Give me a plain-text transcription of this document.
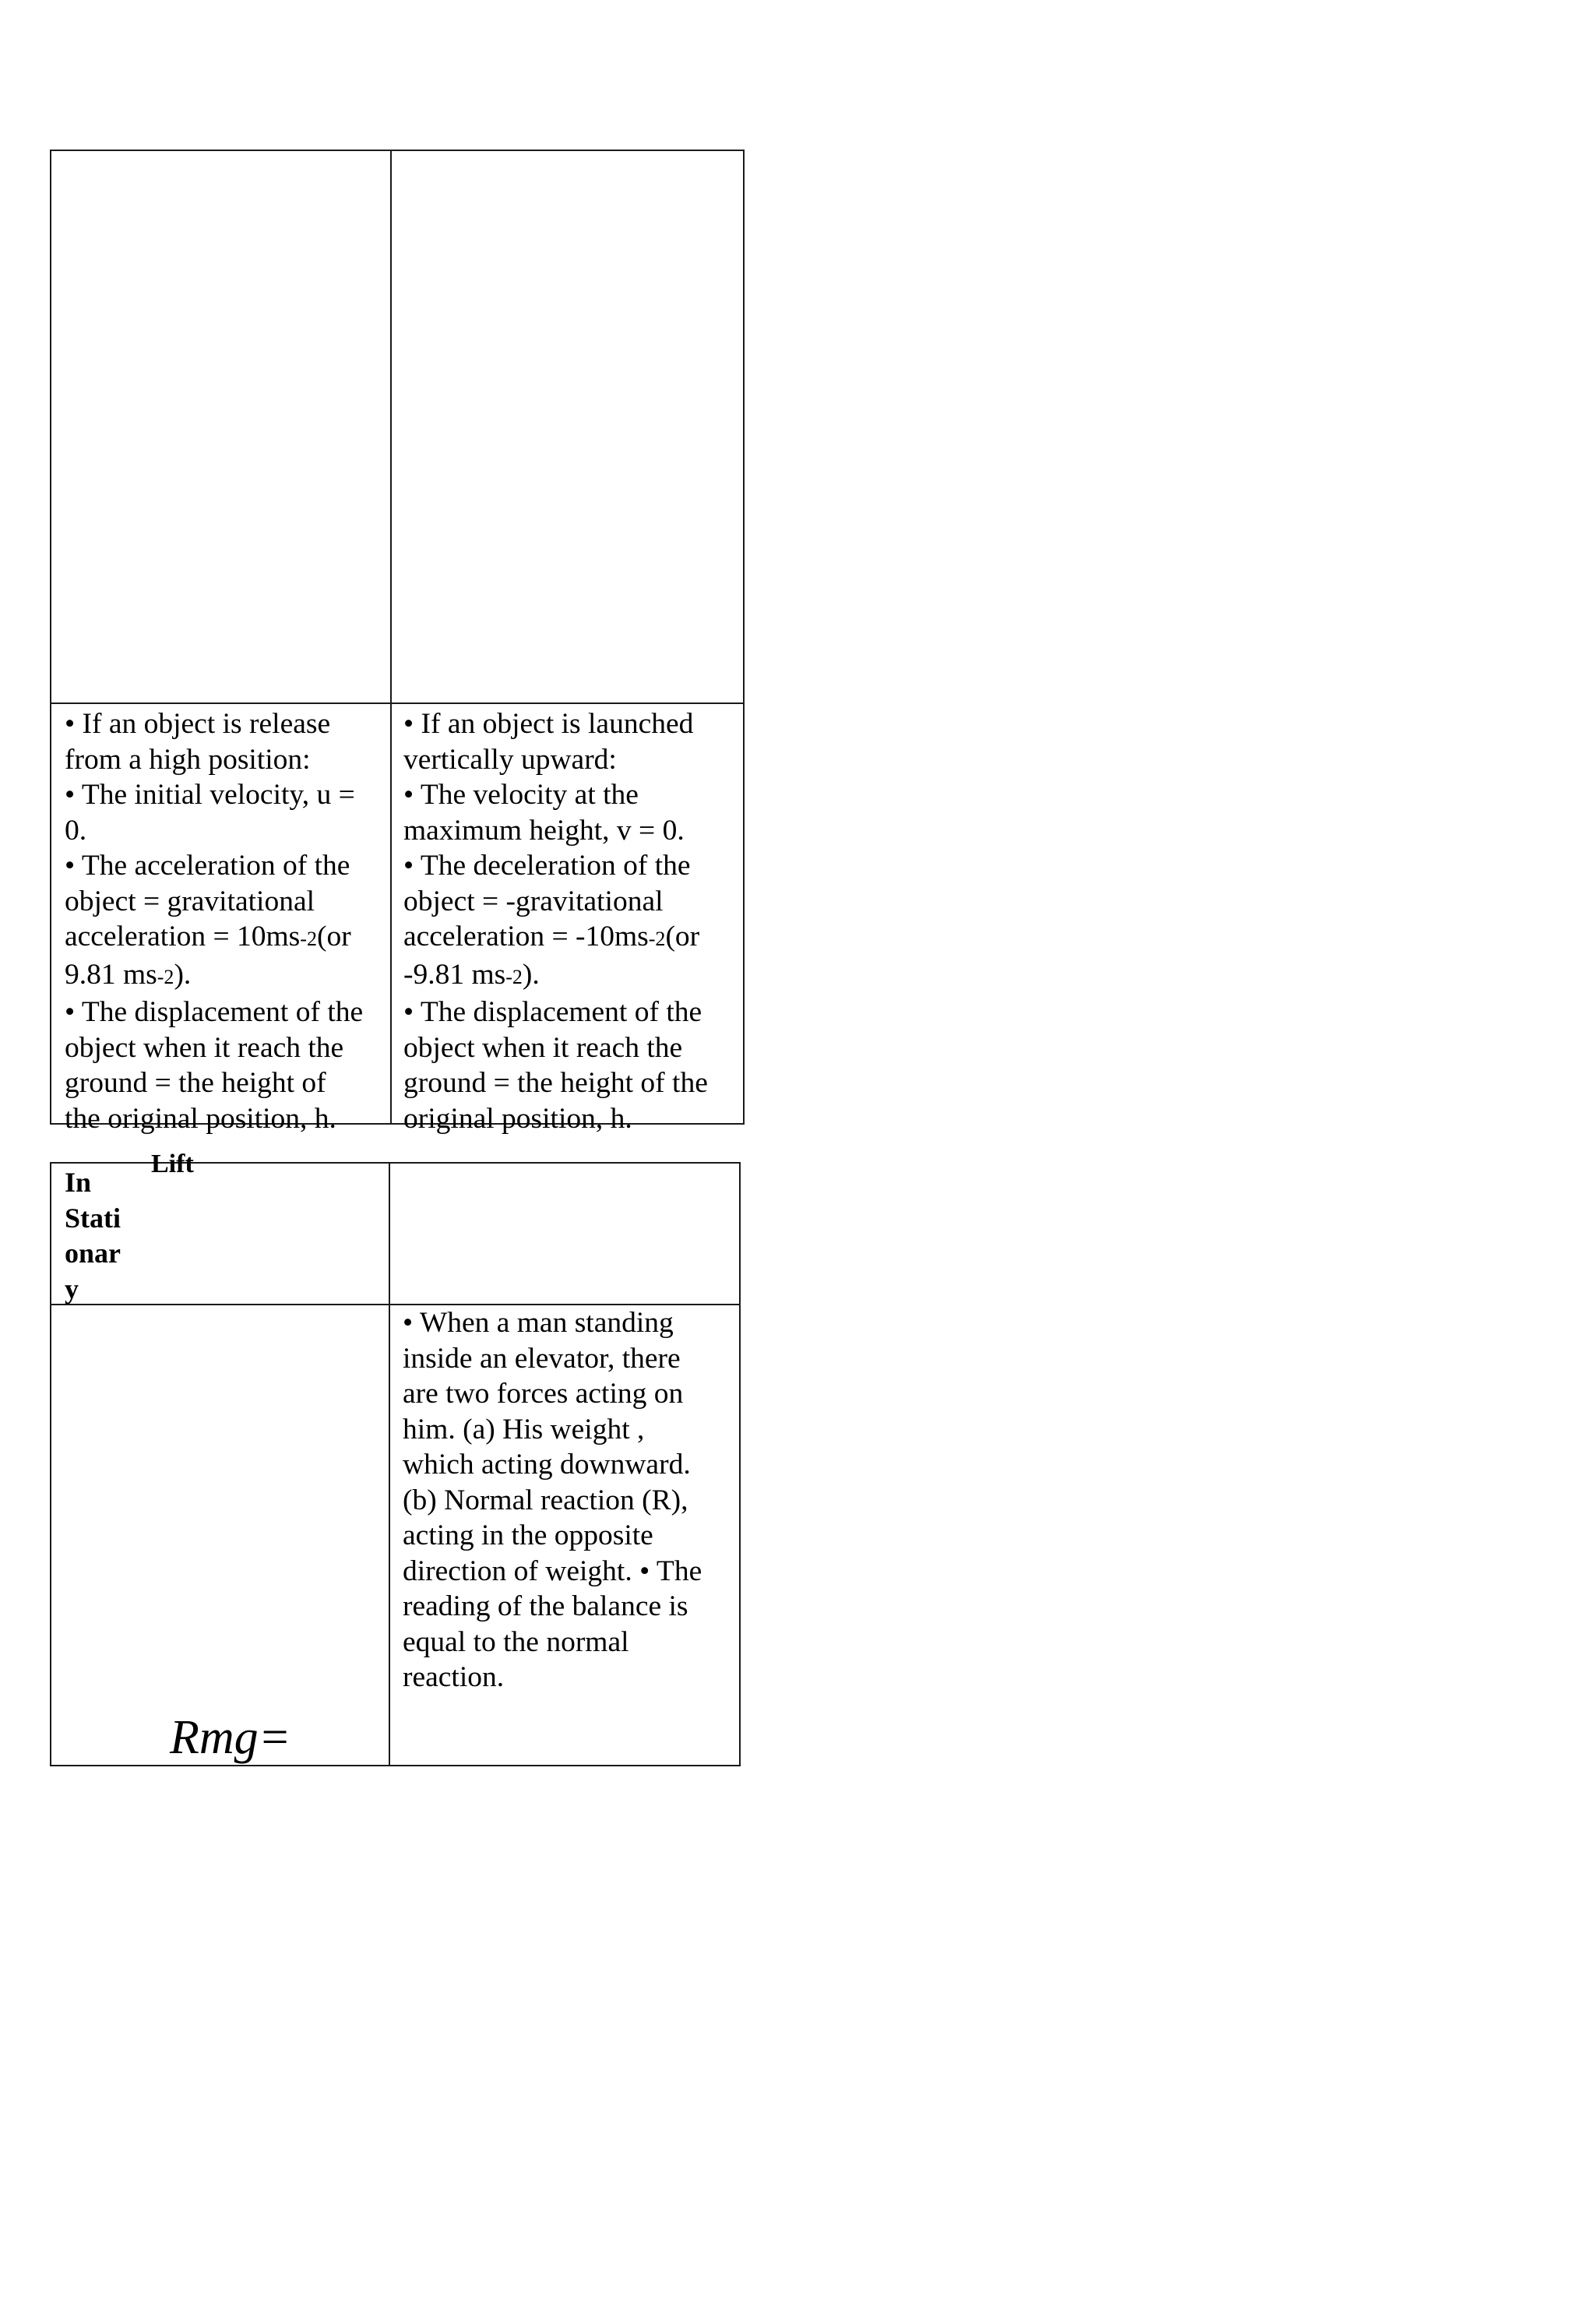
• If an object is release
from a high position:
• The initial velocity, u =
0.
• The acceleration of the
object = gravitational
acceleration = 10ms-2(or
9.81 ms-2).
• The displacement of the
object when it reach the
ground = the height of
the original position, h.
• If an object is launched
vertically upward:
• The velocity at the
maximum height, v = 0.
• The deceleration of the
object = -gravitational
acceleration = -10ms-2(or
-9.81 ms-2).
• The displacement of the
object when it reach the
ground = the height of the
original position, h.
Lift
In
Stati
onar
y
• When a man standing
inside an elevator, there
are two forces acting on
him. (a) His weight ,
which acting downward.
(b) Normal reaction (R),
acting in the opposite
direction of weight. • The
reading of the balance is
equal to the normal
reaction.
Rmg=
